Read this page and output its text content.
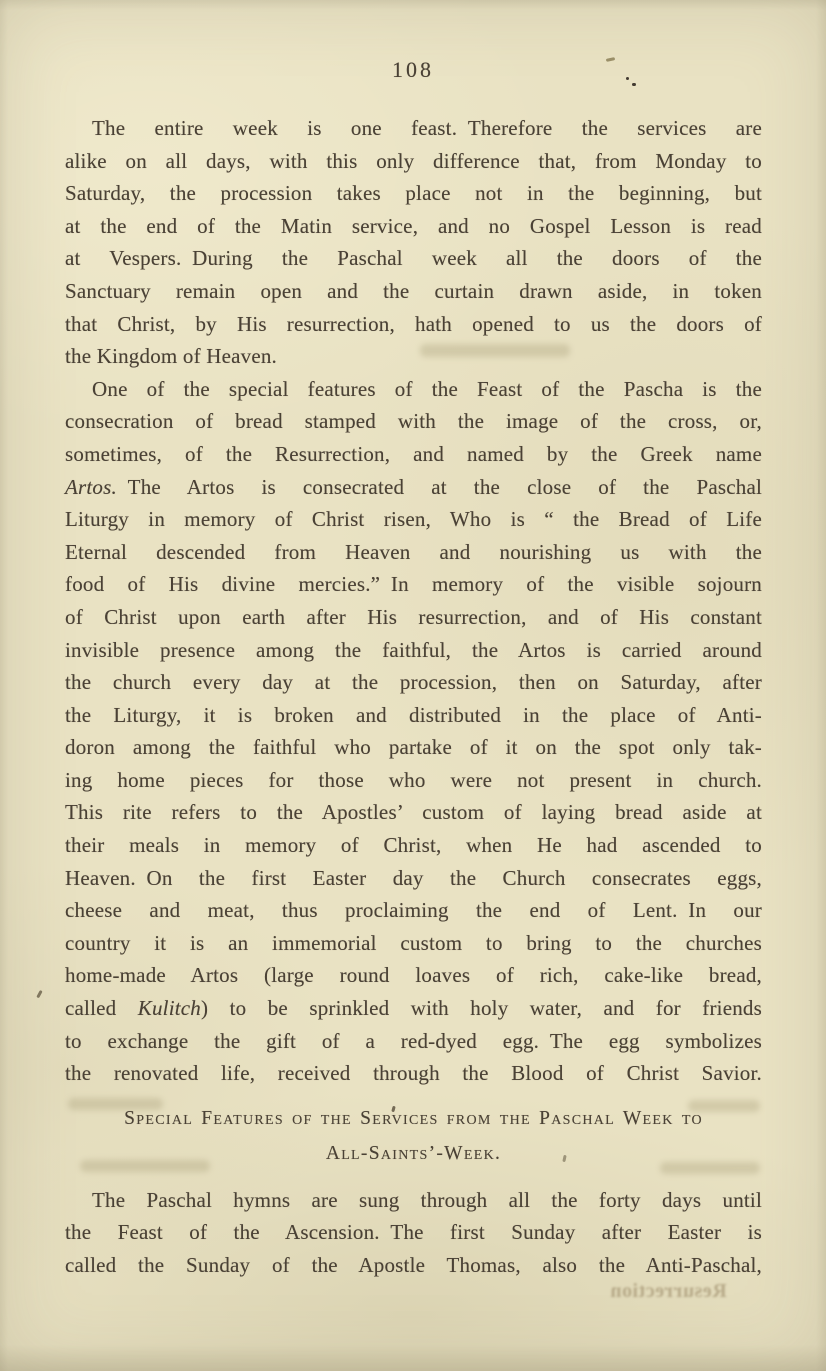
108
The entire week is one feast. Therefore the services are
alike on all days, with this only difference that, from Monday to
Saturday, the procession takes place not in the beginning, but
at the end of the Matin service, and no Gospel Lesson is read
at Vespers. During the Paschal week all the doors of the
Sanctuary remain open and the curtain drawn aside, in token
that Christ, by His resurrection, hath opened to us the doors of
the Kingdom of Heaven.
One of the special features of the Feast of the Pascha is the
consecration of bread stamped with the image of the cross, or,
sometimes, of the Resurrection, and named by the Greek name
Artos. The Artos is consecrated at the close of the Paschal
Liturgy in memory of Christ risen, Who is “ the Bread of Life
Eternal descended from Heaven and nourishing us with the
food of His divine mercies.” In memory of the visible sojourn
of Christ upon earth after His resurrection, and of His constant
invisible presence among the faithful, the Artos is carried around
the church every day at the procession, then on Saturday, after
the Liturgy, it is broken and distributed in the place of Anti-
doron among the faithful who partake of it on the spot only tak-
ing home pieces for those who were not present in church.
This rite refers to the Apostles’ custom of laying bread aside at
their meals in memory of Christ, when He had ascended to
Heaven. On the first Easter day the Church consecrates eggs,
cheese and meat, thus proclaiming the end of Lent. In our
country it is an immemorial custom to bring to the churches
home-made Artos (large round loaves of rich, cake-like bread,
called Kulitch) to be sprinkled with holy water, and for friends
to exchange the gift of a red-dyed egg. The egg symbolizes
the renovated life, received through the Blood of Christ Savior.
Special Features of the Services from the Paschal Week to
All-Saints’-Week.
The Paschal hymns are sung through all the forty days until
the Feast of the Ascension. The first Sunday after Easter is
called the Sunday of the Apostle Thomas, also the Anti-Paschal,
Resurrection
